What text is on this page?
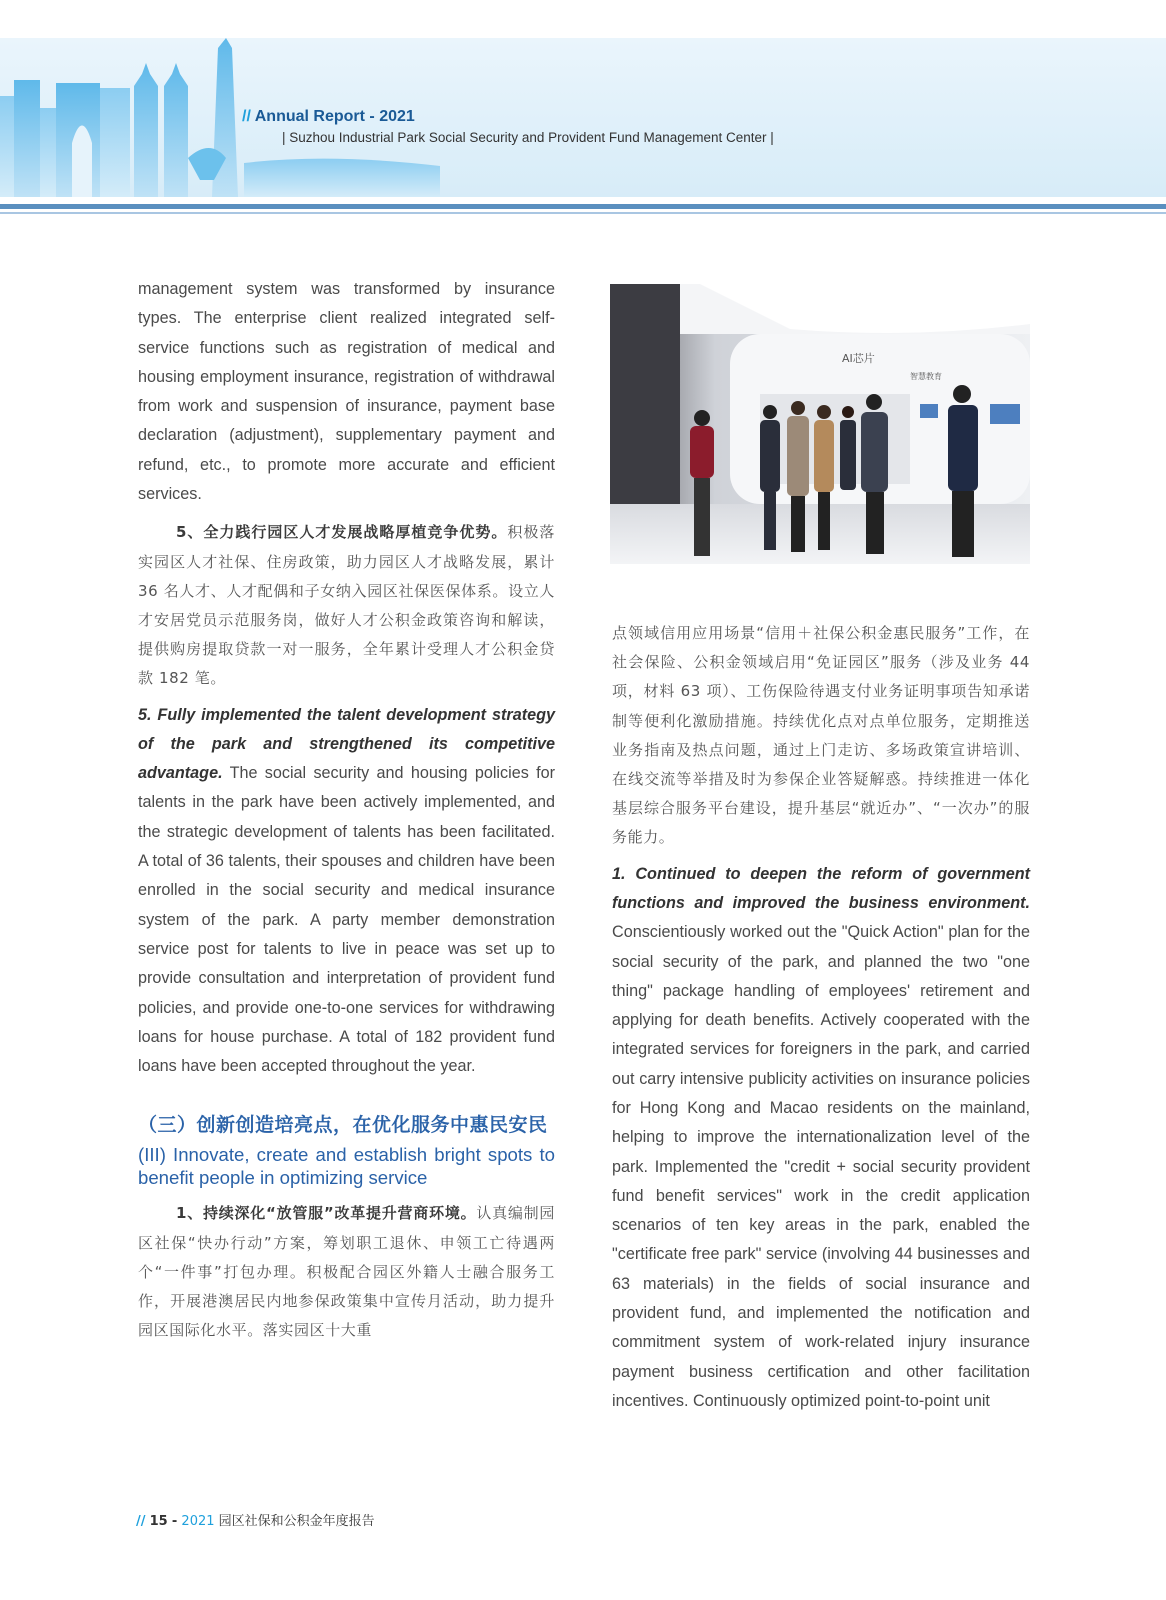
// Annual Report - 2021
| Suzhou Industrial Park Social Security and Provident Fund Management Center |

management system was transformed by insurance types. The enterprise client realized integrated self-service functions such as registration of medical and housing employment insurance, registration of withdrawal from work and suspension of insurance, payment base declaration (adjustment), supplementary payment and refund, etc., to promote more accurate and efficient services.

5、全力践行园区人才发展战略厚植竞争优势。积极落实园区人才社保、住房政策，助力园区人才战略发展，累计 36 名人才、人才配偶和子女纳入园区社保医保体系。设立人才安居党员示范服务岗，做好人才公积金政策咨询和解读，提供购房提取贷款一对一服务，全年累计受理人才公积金贷款 182 笔。

5. Fully implemented the talent development strategy of the park and strengthened its competitive advantage. The social security and housing policies for talents in the park have been actively implemented, and the strategic development of talents has been facilitated. A total of 36 talents, their spouses and children have been enrolled in the social security and medical insurance system of the park. A party member demonstration service post for talents to live in peace was set up to provide consultation and interpretation of provident fund policies, and provide one-to-one services for withdrawing loans for house purchase. A total of 182 provident fund loans have been accepted throughout the year.

（三）创新创造培亮点，在优化服务中惠民安民
(III) Innovate, create and establish bright spots to benefit people in optimizing service

1、持续深化“放管服”改革提升营商环境。认真编制园区社保“快办行动”方案，筹划职工退休、申领工亡待遇两个“一件事”打包办理。积极配合园区外籍人士融合服务工作，开展港澳居民内地参保政策集中宣传月活动，助力提升园区国际化水平。落实园区十大重

AI芯片
智慧教育

点领域信用应用场景“信用＋社保公积金惠民服务”工作，在社会保险、公积金领域启用“免证园区”服务（涉及业务 44 项，材料 63 项）、工伤保险待遇支付业务证明事项告知承诺制等便利化激励措施。持续优化点对点单位服务，定期推送业务指南及热点问题，通过上门走访、多场政策宣讲培训、在线交流等举措及时为参保企业答疑解惑。持续推进一体化基层综合服务平台建设，提升基层“就近办”、“一次办”的服务能力。

1. Continued to deepen the reform of government functions and improved the business environment. Conscientiously worked out the "Quick Action" plan for the social security of the park, and planned the two "one thing" package handling of employees' retirement and applying for death benefits. Actively cooperated with the integrated services for foreigners in the park, and carried out carry intensive publicity activities on insurance policies for Hong Kong and Macao residents on the mainland, helping to improve the internationalization level of the park. Implemented the "credit + social security provident fund benefit services" work in the credit application scenarios of ten key areas in the park, enabled the "certificate free park" service (involving 44 businesses and 63 materials) in the fields of social insurance and provident fund, and implemented the notification and commitment system of work-related injury insurance payment business certification and other facilitation incentives. Continuously optimized point-to-point unit

// 15 - 2021 园区社保和公积金年度报告
